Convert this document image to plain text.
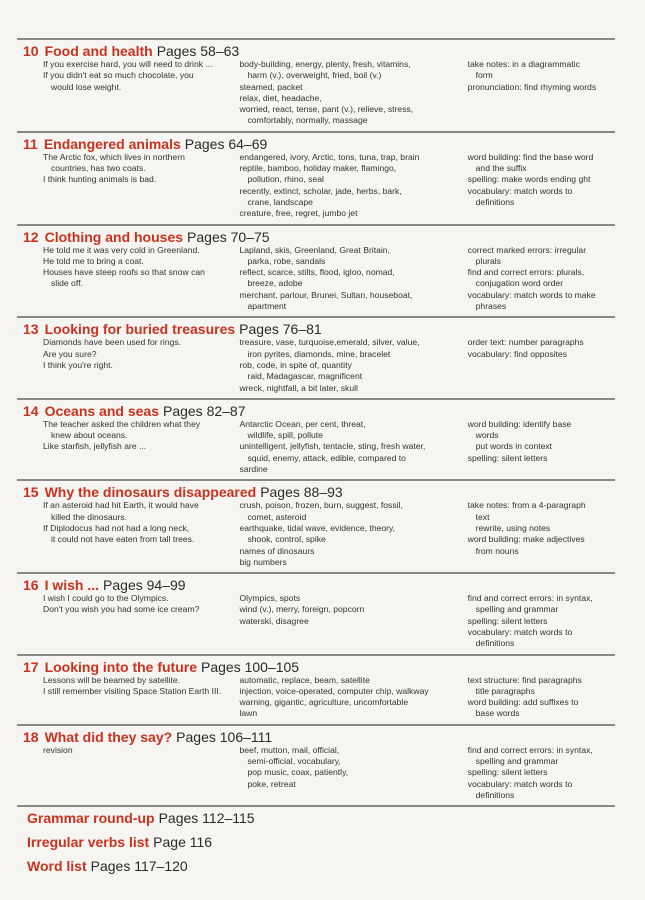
10 Food and health Pages 58–63
If you exercise hard, you will need to drink ...
If you didn't eat so much chocolate, you
would lose weight.
body-building, energy, plenty, fresh, vitamins,
harm (v.), overweight, fried, boil (v.)
steamed, packet
relax, diet, headache,
worried, react, tense, pant (v.), relieve, stress,
comfortably, normally, massage
take notes: in a diagrammatic
form
pronunciation: find rhyming words
11 Endangered animals Pages 64–69
The Arctic fox, which lives in northern
countries, has two coats.
I think hunting animals is bad.
endangered, ivory, Arctic, tons, tuna, trap, brain
reptile, bamboo, holiday maker, flamingo,
pollution, rhino, seal
recently, extinct, scholar, jade, herbs, bark,
crane, landscape
creature, free, regret, jumbo jet
word building: find the base word
and the suffix
spelling: make words ending ght
vocabulary: match words to
definitions
12 Clothing and houses Pages 70–75
He told me it was very cold in Greenland.
He told me to bring a coat.
Houses have steep roofs so that snow can
slide off.
Lapland, skis, Greenland, Great Britain,
parka, robe, sandals
reflect, scarce, stilts, flood, igloo, nomad,
breeze, adobe
merchant, parlour, Brunei, Sultan, houseboat,
apartment
correct marked errors: irregular
plurals
find and correct errors: plurals,
conjugation word order
vocabulary: match words to make
phrases
13 Looking for buried treasures Pages 76–81
Diamonds have been used for rings.
Are you sure?
I think you're right.
treasure, vase, turquoise,emerald, silver, value,
iron pyrites, diamonds, mine, bracelet
rob, code, in spite of, quantity
raid, Madagascar, magnificent
wreck, nightfall, a bit later, skull
order text: number paragraphs
vocabulary: find opposites
14 Oceans and seas Pages 82–87
The teacher asked the children what they
knew about oceans.
Like starfish, jellyfish are ...
Antarctic Ocean, per cent, threat,
wildlife, spill, pollute
unintelligent, jellyfish, tentacle, sting, fresh water,
squid, enemy, attack, edible, compared to
sardine
word building: identify base
words
put words in context
spelling: silent letters
15 Why the dinosaurs disappeared Pages 88–93
If an asteroid had hit Earth, it would have
killed the dinosaurs.
If Diplodocus had not had a long neck,
it could not have eaten from tall trees.
crush, poison, frozen, burn, suggest, fossil,
comet, asteroid
earthquake, tidal wave, evidence, theory,
shook, control, spike
names of dinosaurs
big numbers
take notes: from a 4-paragraph
text
rewrite, using notes
word building: make adjectives
from nouns
16 I wish ... Pages 94–99
I wish I could go to the Olympics.
Don't you wish you had some ice cream?
Olympics, spots
wind (v.), merry, foreign, popcorn
waterski, disagree
find and correct errors: in syntax,
spelling and grammar
spelling: silent letters
vocabulary: match words to
definitions
17 Looking into the future Pages 100–105
Lessons will be beamed by satellite.
I still remember visiting Space Station Earth III.
automatic, replace, beam, satellite
injection, voice-operated, computer chip, walkway
warning, gigantic, agriculture, uncomfortable
lawn
text structure: find paragraphs
title paragraphs
word building: add suffixes to
base words
18 What did they say? Pages 106–111
revision	beef, mutton, mail, official,
semi-official, vocabulary,
pop music, coax, patiently,
poke, retreat
find and correct errors: in syntax,
spelling and grammar
spelling: silent letters
vocabulary: match words to
definitions
Grammar round-up Pages 112–115
Irregular verbs list Page 116
Word list Pages 117–120
